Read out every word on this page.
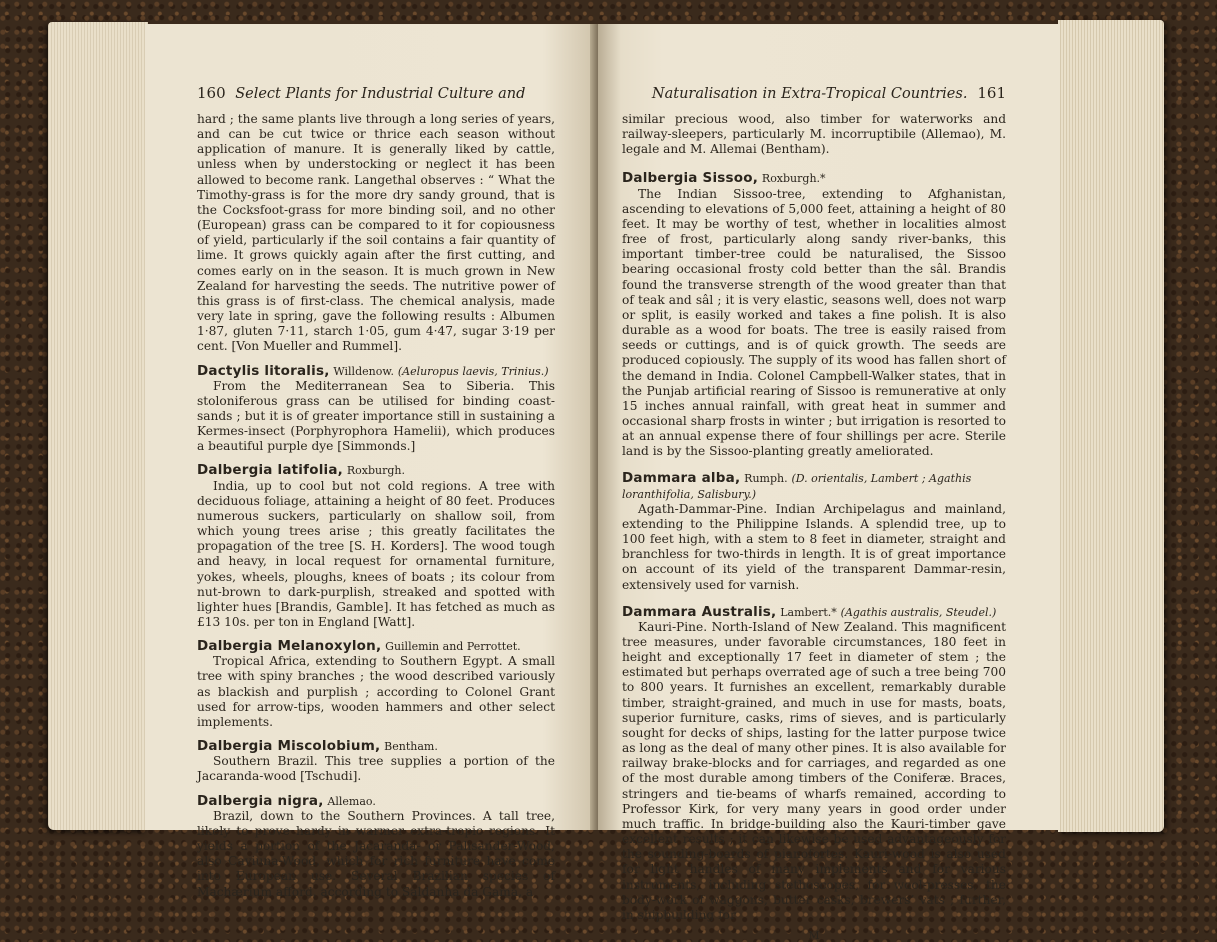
160 Select Plants for Industrial Culture and

hard ; the same plants live through a long series of years, and can be cut twice or thrice each season without application of manure. It is generally liked by cattle, unless when by understocking or neglect it has been allowed to become rank. Langethal observes : “ What the Timothy-grass is for the more dry sandy ground, that is the Cocksfoot-grass for more binding soil, and no other (European) grass can be compared to it for copiousness of yield, particularly if the soil contains a fair quantity of lime. It grows quickly again after the first cutting, and comes early on in the season. It is much grown in New Zealand for harvesting the seeds. The nutritive power of this grass is of first-class. The chemical analysis, made very late in spring, gave the following results : Albumen 1·87, gluten 7·11, starch 1·05, gum 4·47, sugar 3·19 per cent. [Von Mueller and Rummel].

Dactylis litoralis, Willdenow. (Aeluropus laevis, Trinius.)

From the Mediterranean Sea to Siberia. This stoloniferous grass can be utilised for binding coast-sands ; but it is of greater importance still in sustaining a Kermes-insect (Porphyrophora Hamelii), which produces a beautiful purple dye [Simmonds.]

Dalbergia latifolia, Roxburgh.

India, up to cool but not cold regions. A tree with deciduous foliage, attaining a height of 80 feet. Produces numerous suckers, particularly on shallow soil, from which young trees arise ; this greatly facilitates the propagation of the tree [S. H. Korders]. The wood tough and heavy, in local request for ornamental furniture, yokes, wheels, ploughs, knees of boats ; its colour from nut-brown to dark-purplish, streaked and spotted with lighter hues [Brandis, Gamble]. It has fetched as much as £13 10s. per ton in England [Watt].

Dalbergia Melanoxylon, Guillemin and Perrottet.

Tropical Africa, extending to Southern Egypt. A small tree with spiny branches ; the wood described variously as blackish and purplish ; according to Colonel Grant used for arrow-tips, wooden hammers and other select implements.

Dalbergia Miscolobium, Bentham.

Southern Brazil. This tree supplies a portion of the Jacaranda-wood [Tschudi].

Dalbergia nigra, Allemao.

Brazil, down to the Southern Provinces. A tall tree, likely to prove hardy in warmer extra-tropic regions. It yields a portion of the Jacaranda- or Palisander-Wood, also Caviuna-Wood, which for rich furniture have come into European use. Several Brazilian species of Machærium afford, according to Saldanha da Gama, a

Naturalisation in Extra-Tropical Countries. 161

similar precious wood, also timber for waterworks and railway-sleepers, particularly M. incorruptibile (Allemao), M. legale and M. Allemai (Bentham).

Dalbergia Sissoo, Roxburgh.*

The Indian Sissoo-tree, extending to Afghanistan, ascending to elevations of 5,000 feet, attaining a height of 80 feet. It may be worthy of test, whether in localities almost free of frost, particularly along sandy river-banks, this important timber-tree could be naturalised, the Sissoo bearing occasional frosty cold better than the sâl. Brandis found the transverse strength of the wood greater than that of teak and sâl ; it is very elastic, seasons well, does not warp or split, is easily worked and takes a fine polish. It is also durable as a wood for boats. The tree is easily raised from seeds or cuttings, and is of quick growth. The seeds are produced copiously. The supply of its wood has fallen short of the demand in India. Colonel Campbell-Walker states, that in the Punjab artificial rearing of Sissoo is remunerative at only 15 inches annual rainfall, with great heat in summer and occasional sharp frosts in winter ; but irrigation is resorted to at an annual expense there of four shillings per acre. Sterile land is by the Sissoo-planting greatly ameliorated.

Dammara alba, Rumph. (D. orientalis, Lambert ; Agathis loranthifolia, Salisbury.)

Agath-Dammar-Pine. Indian Archipelagus and mainland, extending to the Philippine Islands. A splendid tree, up to 100 feet high, with a stem to 8 feet in diameter, straight and branchless for two-thirds in length. It is of great importance on account of its yield of the transparent Dammar-resin, extensively used for varnish.

Dammara Australis, Lambert.* (Agathis australis, Steudel.)

Kauri-Pine. North-Island of New Zealand. This magnificent tree measures, under favorable circumstances, 180 feet in height and exceptionally 17 feet in diameter of stem ; the estimated but perhaps overrated age of such a tree being 700 to 800 years. It furnishes an excellent, remarkably durable timber, straight-grained, and much in use for masts, boats, superior furniture, casks, rims of sieves, and is particularly sought for decks of ships, lasting for the latter purpose twice as long as the deal of many other pines. It is also available for railway brake-blocks and for carriages, and regarded as one of the most durable among timbers of the Coniferæ. Braces, stringers and tie-beams of wharfs remained, according to Professor Kirk, for very many years in good order under much traffic. In bridge-building also the Kauri-timber gave excellent results ; it can likewise be used advantageously for the sounding-boards of pianofortes. Kauri-wood is also used for light handles of many implements and for various instruments, including stethoscopes, for wool-presses, the body-work of waggons, butter casks, brewers’ vats ; further, in shipbuilding for

M
